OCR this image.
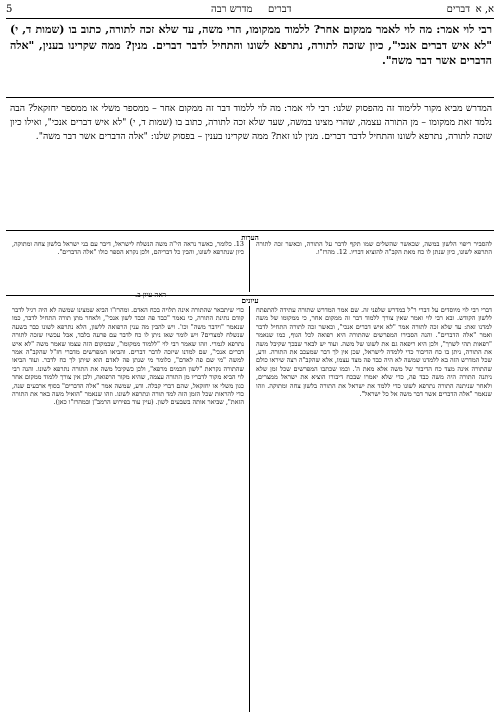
5	מדרש רבה דברים	דברים א, א
רבי לוי אמר: מה לוי לאמר ממקום אחר? ללמוד ממקומו, הרי משה, עד שלא זכה לתורה, כתוב בו (שמות ד, י) "לא איש דברים אנכי", כיון שזכה לתורה, נתרפא לשונו והתחיל לדבר דברים. מנין? ממה שקרינו בענין, "אלה הדברים אשר דבר משה".
המדרש מביא מקור ללימוד זה מהפסוק שלנו: רבי לוי אמר: מה לוי ללמוד דבר זה ממקום אחר – ממספר משלי או ממספר יחזקאל? הבה נלמד זאת ממקומו – מן התורה עצמה, שהרי מצינו במשה, שעד שלא זכה לתורה, כתוב בו (שמות ד, י) "לא איש דברים אנכי", ואילו כיון שזכה לתורה, נתרפא לשונו והתחיל לדבר דברים. מנין לנו זאת? ממה שקרינו בענין – בפסוק שלנו: "אלה הדברים אשר דבר משה".
הערות
להסביר ריפוי הלשון במשה, שכאשר שהשלים שמו תקף לדבר על התורה, וכאשר זכה לתורה התרפא לשונו, כיון שנתן לו כח מאת הקב"ה להוציא דבריו. 12. מהרז"ו.
13. כלומר, כאשר נראה הי"ה משה הנשלח לישראל, דיבר עם בני ישראל בלשון צחה ומתוקה, כיון שנתרפא לשונו, והבין כל דבריהם, ולכן נקרא הספר כולו "אלה הדברים".
ראה עיון ב.
עיונים
דברי רבי לוי מיוסדים על דברי ר"ל במדרש שלפני זה. שם אמר המדרש שתורה עתידה להתפתח ללשון הקודש. ובא רבי לוי ואמר שאין צורך ללמוד דבר זה ממקום אחר, כי ממקומו של משה למדנו זאת: עד שלא זכה לתורה אמר "לא איש דברים אנכי", וכאשר זכה לתורה התחיל לדבר ואמר "אלה הדברים". והנה הסבירו המפרשים שהתורה היא רפואה לכל הגוף, כמו שנאמר "רפאות תהי לשרך", ולכן היא ריפאה גם את לשונו של משה. ועוד יש לבאר שבכך שקיבל משה את התורה, ניתן בו כח הדיבור כדי ללמדה לישראל, שכן אין לך דבר שמעכב את התורה. ודע, שכל המדרש הזה בא ללמדנו שמשה לא היה כבד פה מצד עצמו, אלא שהקב"ה רצה שיראו כולם שהתורה אינה מצד כח הדיבור של משה אלא מאת ה'. וכמו שכתבו המפרשים שכל זמן שלא ניתנה התורה היה משה כבד פה, כדי שלא יאמרו שבכח דיבורו הוציא את ישראל ממצרים, ולאחר שניתנה התורה נתרפא לשונו כדי ללמד את ישראל את התורה בלשון צחה ומתוקה. וזהו שנאמר "אלה הדברים אשר דבר משה אל כל ישראל".
כדי שיתבאר שהתורה אינה תלויה בכח האדם. ומהרז"ו הביא שמצינו שמשה לא היה רגיל לדבר קודם נתינת התורה, כי נאמר "כבד פה וכבד לשון אנכי", ולאחר מתן תורה התחיל לדבר, כמו שנאמר "וידבר משה" וכו'. ויש להבין מה ענין הרפואה ללשון, הלא נתרפא לשונו כבר בשעה שנשלח למצרים? ויש לומר שאז ניתן לו כח לדבר עם פרעה בלבד, אבל עכשיו שזכה לתורה נתרפא לגמרי. וזהו שאמר רבי לוי "ללמוד ממקומו", שבמקום הזה עצמו שאמר משה "לא איש דברים אנכי", שם למדנו שיזכה לדבר דברים. והביאו המפרשים מדברי חז"ל שהקב"ה אמר למשה "מי שם פה לאדם", כלומר מי שנתן פה לאדם הוא שיתן לך כח לדבר. ועוד הביאו שהתורה נקראת "לשון חכמים מרפא", ולכן כשקיבל משה את התורה נתרפא לשונו. והנה רבי לוי הביא מקור לדבריו מן התורה עצמה, שהיא מקור הרפואה, ולכן אין צורך ללמוד ממקום אחר כגון משלי או יחזקאל, שהם דברי קבלה. ודע, שמשה אמר "אלה הדברים" בסוף ארבעים שנה, כדי להראות שכל הזמן הזה למד תורה ונתרפא לשונו. וזהו שנאמר "הואיל משה באר את התורה הזאת", שביאר אותה בשבעים לשון. (עיין עוד בפירוש הרמב"ן ובמהרז"ו כאן).
